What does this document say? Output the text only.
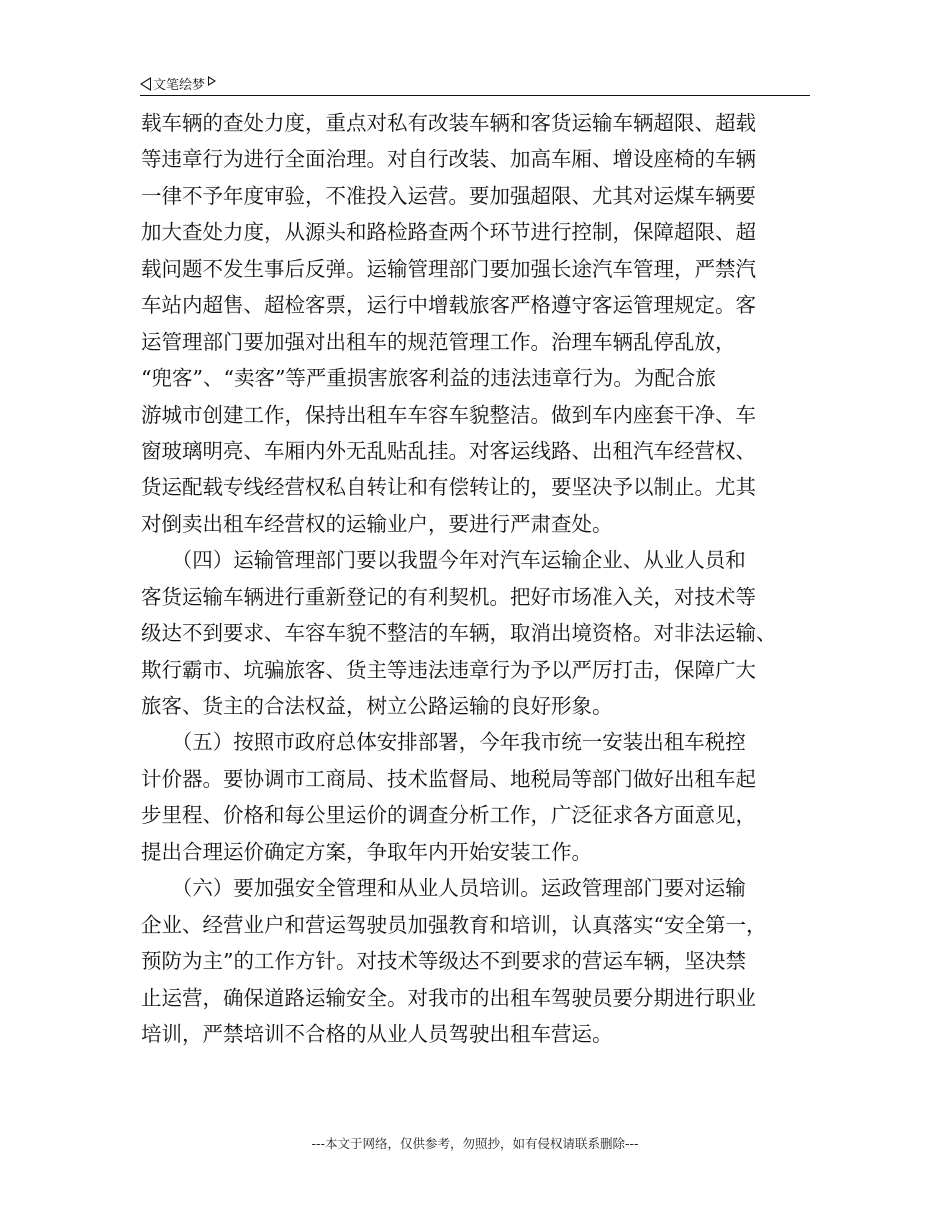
文笔绘梦
载车辆的查处力度，重点对私有改装车辆和客货运输车辆超限、超载
等违章行为进行全面治理。对自行改装、加高车厢、增设座椅的车辆
一律不予年度审验，不准投入运营。要加强超限、尤其对运煤车辆要
加大查处力度，从源头和路检路查两个环节进行控制，保障超限、超
载问题不发生事后反弹。运输管理部门要加强长途汽车管理，严禁汽
车站内超售、超检客票，运行中增载旅客严格遵守客运管理规定。客
运管理部门要加强对出租车的规范管理工作。治理车辆乱停乱放，
“兜客”、“卖客”等严重损害旅客利益的违法违章行为。为配合旅
游城市创建工作，保持出租车车容车貌整洁。做到车内座套干净、车
窗玻璃明亮、车厢内外无乱贴乱挂。对客运线路、出租汽车经营权、
货运配载专线经营权私自转让和有偿转让的，要坚决予以制止。尤其
对倒卖出租车经营权的运输业户，要进行严肃查处。
　　（四）运输管理部门要以我盟今年对汽车运输企业、从业人员和
客货运输车辆进行重新登记的有利契机。把好市场准入关，对技术等
级达不到要求、车容车貌不整洁的车辆，取消出境资格。对非法运输、
欺行霸市、坑骗旅客、货主等违法违章行为予以严厉打击，保障广大
旅客、货主的合法权益，树立公路运输的良好形象。
　　（五）按照市政府总体安排部署，今年我市统一安装出租车税控
计价器。要协调市工商局、技术监督局、地税局等部门做好出租车起
步里程、价格和每公里运价的调查分析工作，广泛征求各方面意见，
提出合理运价确定方案，争取年内开始安装工作。
　　（六）要加强安全管理和从业人员培训。运政管理部门要对运输
企业、经营业户和营运驾驶员加强教育和培训，认真落实“安全第一，
预防为主”的工作方针。对技术等级达不到要求的营运车辆，坚决禁
止运营，确保道路运输安全。对我市的出租车驾驶员要分期进行职业
培训，严禁培训不合格的从业人员驾驶出租车营运。
---本文于网络，仅供参考，勿照抄，如有侵权请联系删除---
